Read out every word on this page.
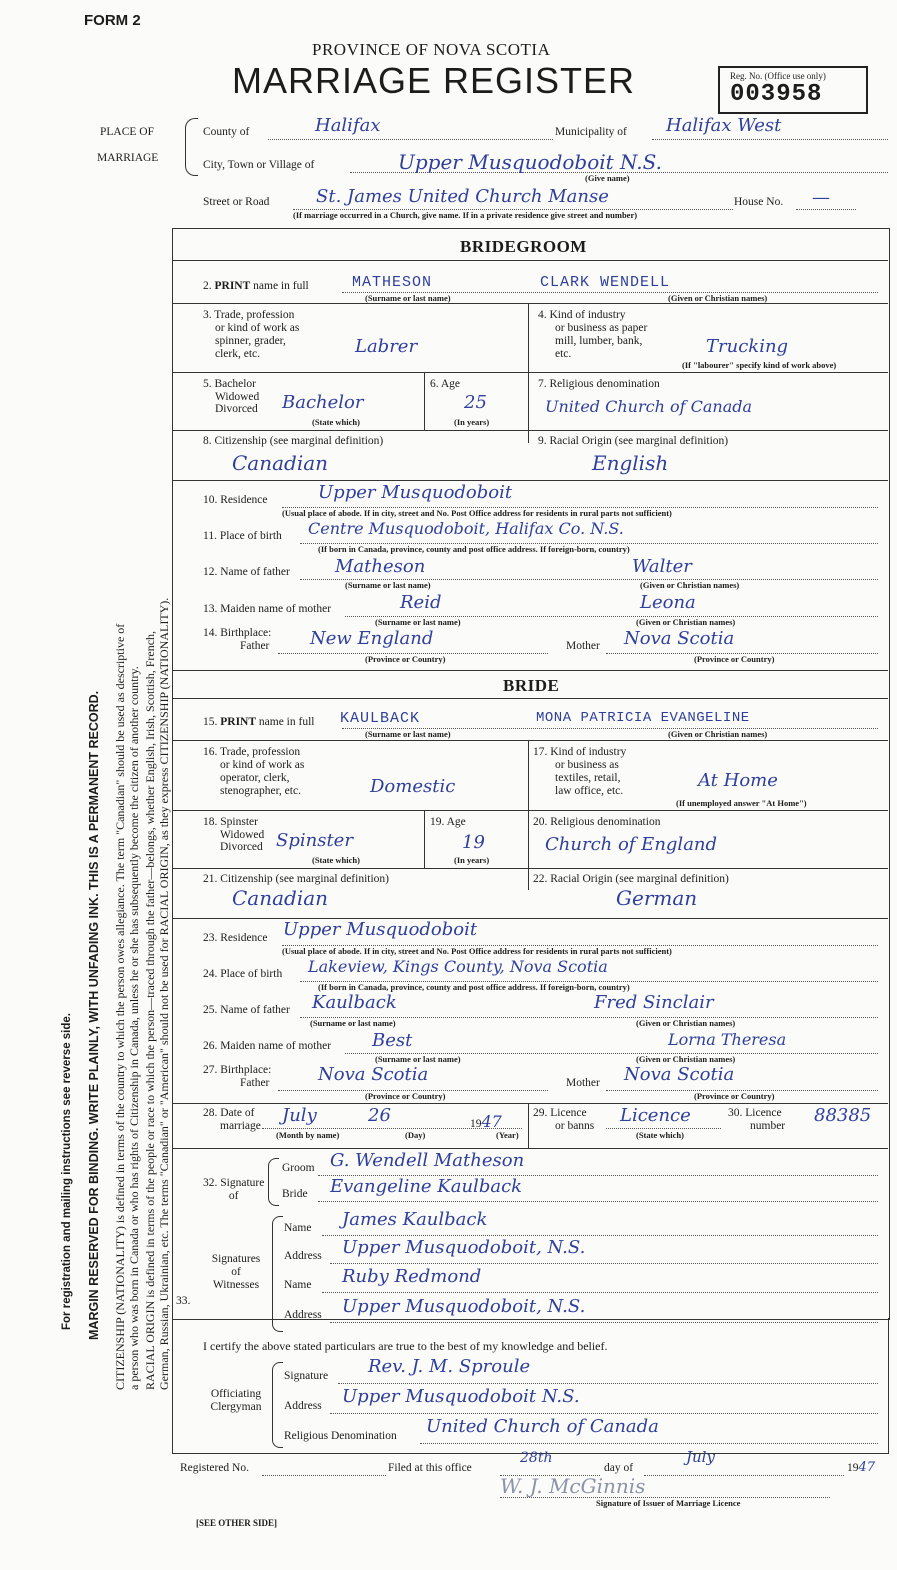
FORM 2
PROVINCE OF NOVA SCOTIA
MARRIAGE REGISTER	Reg. No. (Office use only)
003958
PLACE OF
MARRIAGE
County of	Halifax	Municipality of Halifax West
City, Town or Village of	Upper Musquodoboit N.S.
(Give name)
Street or Road	St. James United Church Manse	House No. —
(If marriage occurred in a Church, give name. If in a private residence give street and number)
BRIDEGROOM
2. PRINT name in full	MATHESON	CLARK WENDELL
(Surname or last name)	(Given or Christian names)
3. Trade, profession
or kind of work as
spinner, grader,
clerk, etc.	Labrer
4. Kind of industry
or business as paper
mill, lumber, bank,
etc.	Trucking
(If "labourer" specify kind of work above)
5. Bachelor
Widowed
Divorced Bachelor
(State which)
6. Age
25
(In years)
7. Religious denomination
United Church of Canada
8. Citizenship (see marginal definition)
Canadian
9. Racial Origin (see marginal definition)
English
10. Residence	Upper Musquodoboit
(Usual place of abode. If in city, street and No. Post Office address for residents in rural parts not sufficient)
11. Place of birth Centre Musquodoboit, Halifax Co. N.S.
(If born in Canada, province, county and post office address. If foreign-born, country)
12. Name of father	Matheson	Walter
(Surname or last name)	(Given or Christian names)
13. Maiden name of mother	Reid	Leona
(Surname or last name)	(Given or Christian names)
14. Birthplace:
Father New England	Mother Nova Scotia
(Province or Country)	(Province or Country)
BRIDE
15. PRINT name in full KAULBACK	MONA PATRICIA EVANGELINE
(Surname or last name)	(Given or Christian names)
16. Trade, profession
or kind of work as
operator, clerk,
stenographer, etc.	Domestic
17. Kind of industry
or business as
textiles, retail,
law office, etc.	At Home
(If unemployed answer "At Home")
18. Spinster
Widowed
Divorced Spinster
(State which)
19. Age
19
(In years)
20. Religious denomination
Church of England
21. Citizenship (see marginal definition)
Canadian
22. Racial Origin (see marginal definition)
German
23. Residence Upper Musquodoboit
(Usual place of abode. If in city, street and No. Post Office address for residents in rural parts not sufficient)
24. Place of birth Lakeview, Kings County, Nova Scotia
(If born in Canada, province, county and post office address. If foreign-born, country)
25. Name of father Kaulback	Fred Sinclair
(Surname or last name)	(Given or Christian names)
26. Maiden name of mother Best	Lorna Theresa
(Surname or last name)	(Given or Christian names)
27. Birthplace:
Father	Nova Scotia	Mother Nova Scotia
(Province or Country)	(Province or Country)
28. Date of
marriage July	26	1947
(Month by name)	(Day)	(Year)
29. Licence
or banns Licence
(State which)
30. Licence
number 88385
32. Signature
of
Groom G. Wendell Matheson
Bride Evangeline Kaulback
33.
Signatures
of
Witnesses
Name James Kaulback
Address Upper Musquodoboit, N.S.
Name Ruby Redmond
Address Upper Musquodoboit, N.S.
I certify the above stated particulars are true to the best of my knowledge and belief.
Officiating
Clergyman
Signature Rev. J. M. Sproule
Address Upper Musquodoboit N.S.
Religious Denomination United Church of Canada
Registered No.	Filed at this office
28th
day of
July
1947
W. J. McGinnis
Signature of Issuer of Marriage Licence
[SEE OTHER SIDE]
For registration and mailing instructions see reverse side. MARGIN RESERVED FOR BINDING. WRITE PLAINLY, WITH UNFADING INK. THIS IS A PERMANENT RECORD. CITIZENSHIP (NATIONALITY) is defined in terms of the country to which the person owes allegiance. The term "Canadian" should be used as descriptive of a person who was born in Canada or who has rights of Citizenship in Canada, unless he or she has subsequently become the citizen of another country. RACIAL ORIGIN is defined in terms of the people or race to which the person—traced through the father—belongs, whether English, Irish, Scottish, French, German, Russian, Ukrainian, etc. The terms "Canadian" or "American" should not be used for RACIAL ORIGIN, as they express CITIZENSHIP (NATIONALITY).
